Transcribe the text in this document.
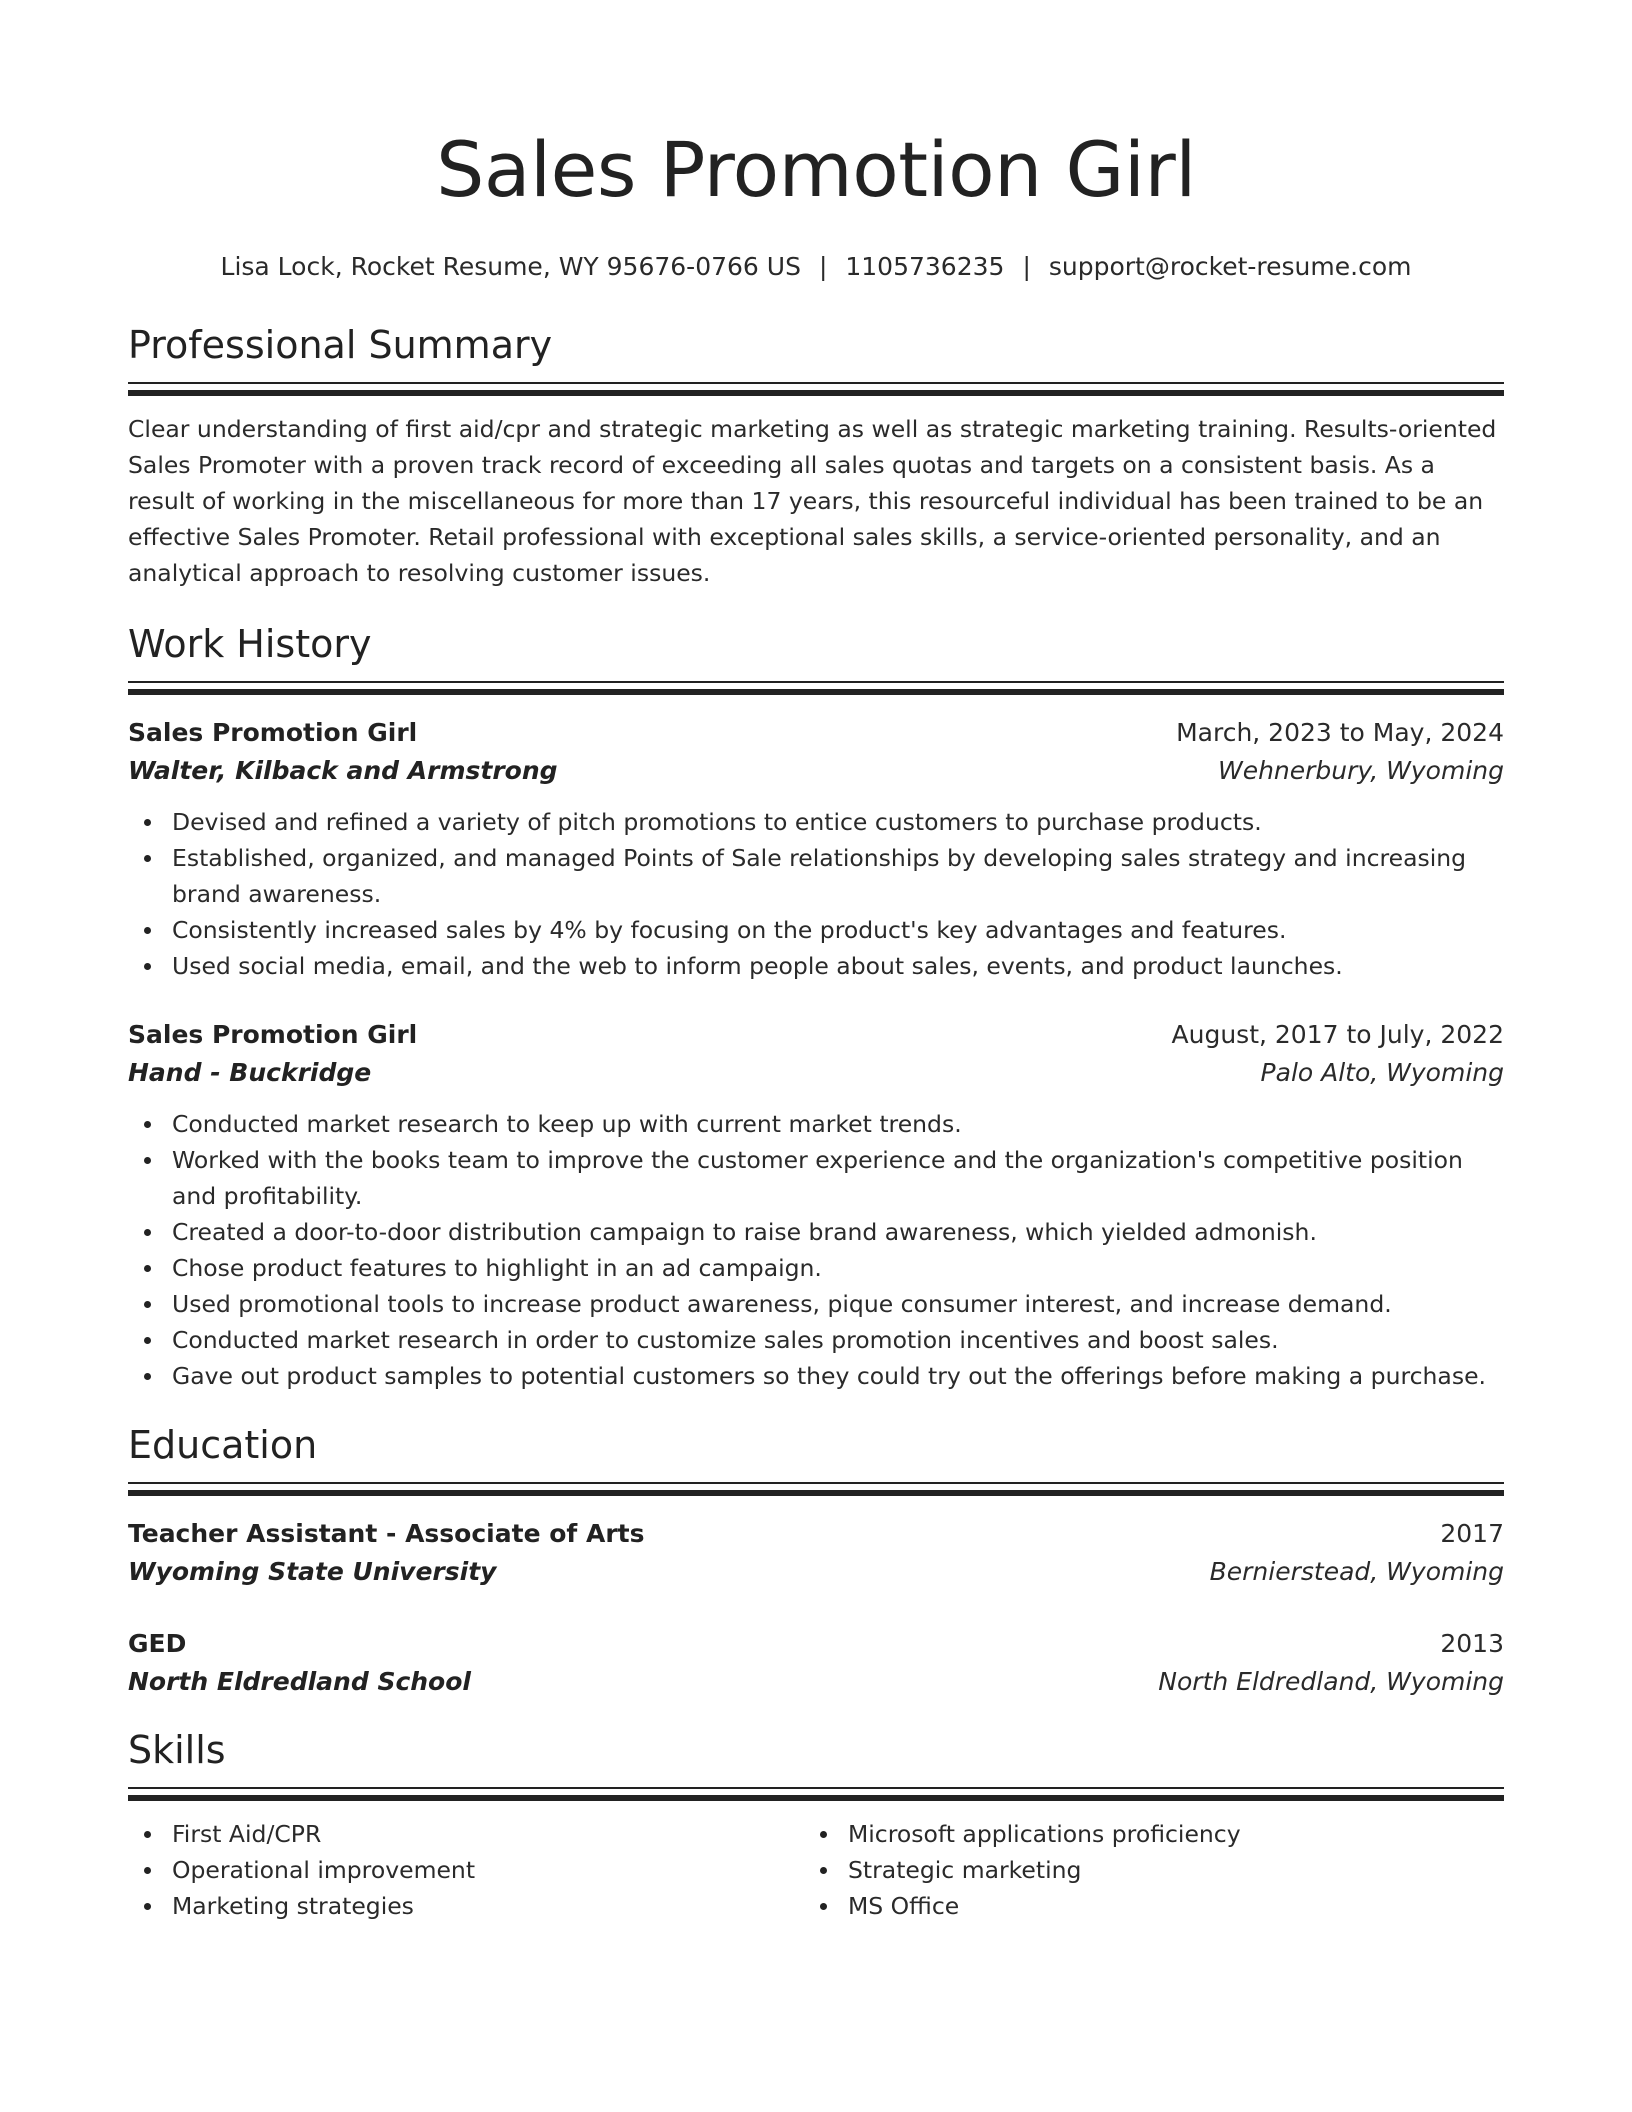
Sales Promotion Girl
Lisa Lock, Rocket Resume, WY 95676-0766 US | 1105736235 | support@rocket-resume.com
Professional Summary
Clear understanding of first aid/cpr and strategic marketing as well as strategic marketing training. Results-oriented Sales Promoter with a proven track record of exceeding all sales quotas and targets on a consistent basis. As a result of working in the miscellaneous for more than 17 years, this resourceful individual has been trained to be an effective Sales Promoter. Retail professional with exceptional sales skills, a service-oriented personality, and an analytical approach to resolving customer issues.
Work History
Sales Promotion Girl	March, 2023 to May, 2024
Walter, Kilback and Armstrong	Wehnerbury, Wyoming
Devised and refined a variety of pitch promotions to entice customers to purchase products.
Established, organized, and managed Points of Sale relationships by developing sales strategy and increasing brand awareness.
Consistently increased sales by 4% by focusing on the product's key advantages and features.
Used social media, email, and the web to inform people about sales, events, and product launches.
Sales Promotion Girl	August, 2017 to July, 2022
Hand - Buckridge	Palo Alto, Wyoming
Conducted market research to keep up with current market trends.
Worked with the books team to improve the customer experience and the organization's competitive position and profitability.
Created a door-to-door distribution campaign to raise brand awareness, which yielded admonish.
Chose product features to highlight in an ad campaign.
Used promotional tools to increase product awareness, pique consumer interest, and increase demand.
Conducted market research in order to customize sales promotion incentives and boost sales.
Gave out product samples to potential customers so they could try out the offerings before making a purchase.
Education
Teacher Assistant - Associate of Arts	2017
Wyoming State University	Bernierstead, Wyoming
GED	2013
North Eldredland School	North Eldredland, Wyoming
Skills
First Aid/CPR
Operational improvement
Marketing strategies
Microsoft applications proficiency
Strategic marketing
MS Office
